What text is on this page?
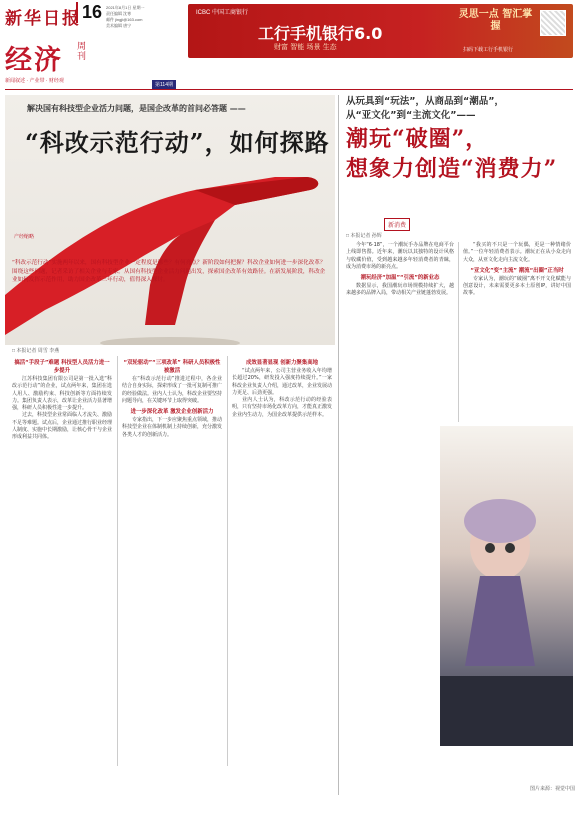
新华日报 16 2021年8月1日 星期一
责任编辑 沈寒
邮件 jingji@163.com
美术编辑 唐宁
经济 周刊
新闻叙述 · 产业带 · 财经观
第114期
ICBC 中国工商银行
工行手机银行6.0
财富 智能 场景 生态
灵思一点 智汇掌握
扫码下载工行手机银行
解决国有科技型企业活力问题，是国企改革的首问必答题 ——
“科改示范行动”，如何探路
产经缩略
“科改示范行动”实施两年以来，国有科技型企业一定程度是哪些？有何亮点？新阶段如何把握？科改企业如何进一步深化改革？围绕这些问题，记者采访了相关企业与专家。从国有科技型企业活力问题出发，探索国企改革有效路径。在新发展阶段，科改企业如何发挥示范作用，助力国企改革三年行动，值得深入探讨。
□ 本报记者 周雪 李燕
搞活“手段子”难题 科技型人员活力进一步提升

江苏科技集团有限公司是第一批入选“科改示范行动”的企业，试点两年来，集团在选人用人、激励约束、科技创新等方面持续发力。集团负责人表示，改革让企业活力显著增强，科研人员积极性进一步提升。

过去，科技型企业常面临人才流失、激励不足等难题。试点后，企业通过推行职业经理人制度、实施中长期激励，让核心骨干与企业形成利益共同体。

“双轮驱动”“三项改革” 科研人员积极性被激活

在“科改示范行动”推进过程中，各企业结合自身实际，探索形成了一批可复制可推广的经验做法。业内人士认为，科改企业要坚持问题导向，在关键环节上取得突破。

进一步深化改革 激发企业创新活力

专家指出，下一步应聚焦重点领域，推动科技型企业在体制机制上持续创新，充分激发各类人才的创新活力。

成效显著显现 创新力聚集高地

“试点两年来，公司主营业务收入年均增长超过20%，研发投入强度持续提升。”一家科改企业负责人介绍，通过改革，企业发展动力更足、后劲更强。

业内人士认为，科改示范行动的经验表明，只有坚持市场化改革方向，才能真正激发企业内生动力，为国企改革提供示范样本。

从玩具到“玩法”，从商品到“潮品”，
从“亚文化”到“主流文化”——
潮玩“破圈”，
想象力创造“消费力”
新消费
□ 本报记者 孙辉

今年“6·18”，一个潮玩手办品牌在电商平台上线即售罄。近年来，潮玩以其独特的设计风格与收藏价值，受到越来越多年轻消费者的青睐，成为消费市场的新亮点。

潮玩经济“加温”“引流”的新业态

数据显示，我国潮玩市场规模持续扩大，越来越多的品牌入局，带动相关产业链蓬勃发展。

“我买的不只是一个玩偶，更是一种情绪价值。”一位年轻消费者表示。潮玩正在从小众走向大众，从亚文化走向主流文化。

“亚文化”变“主流” 潮流“出圈”正当时

专家认为，潮玩的“破圈”离不开文化赋能与创意设计，未来需要更多本土原创IP，讲好中国故事。

图片来源：视觉中国
